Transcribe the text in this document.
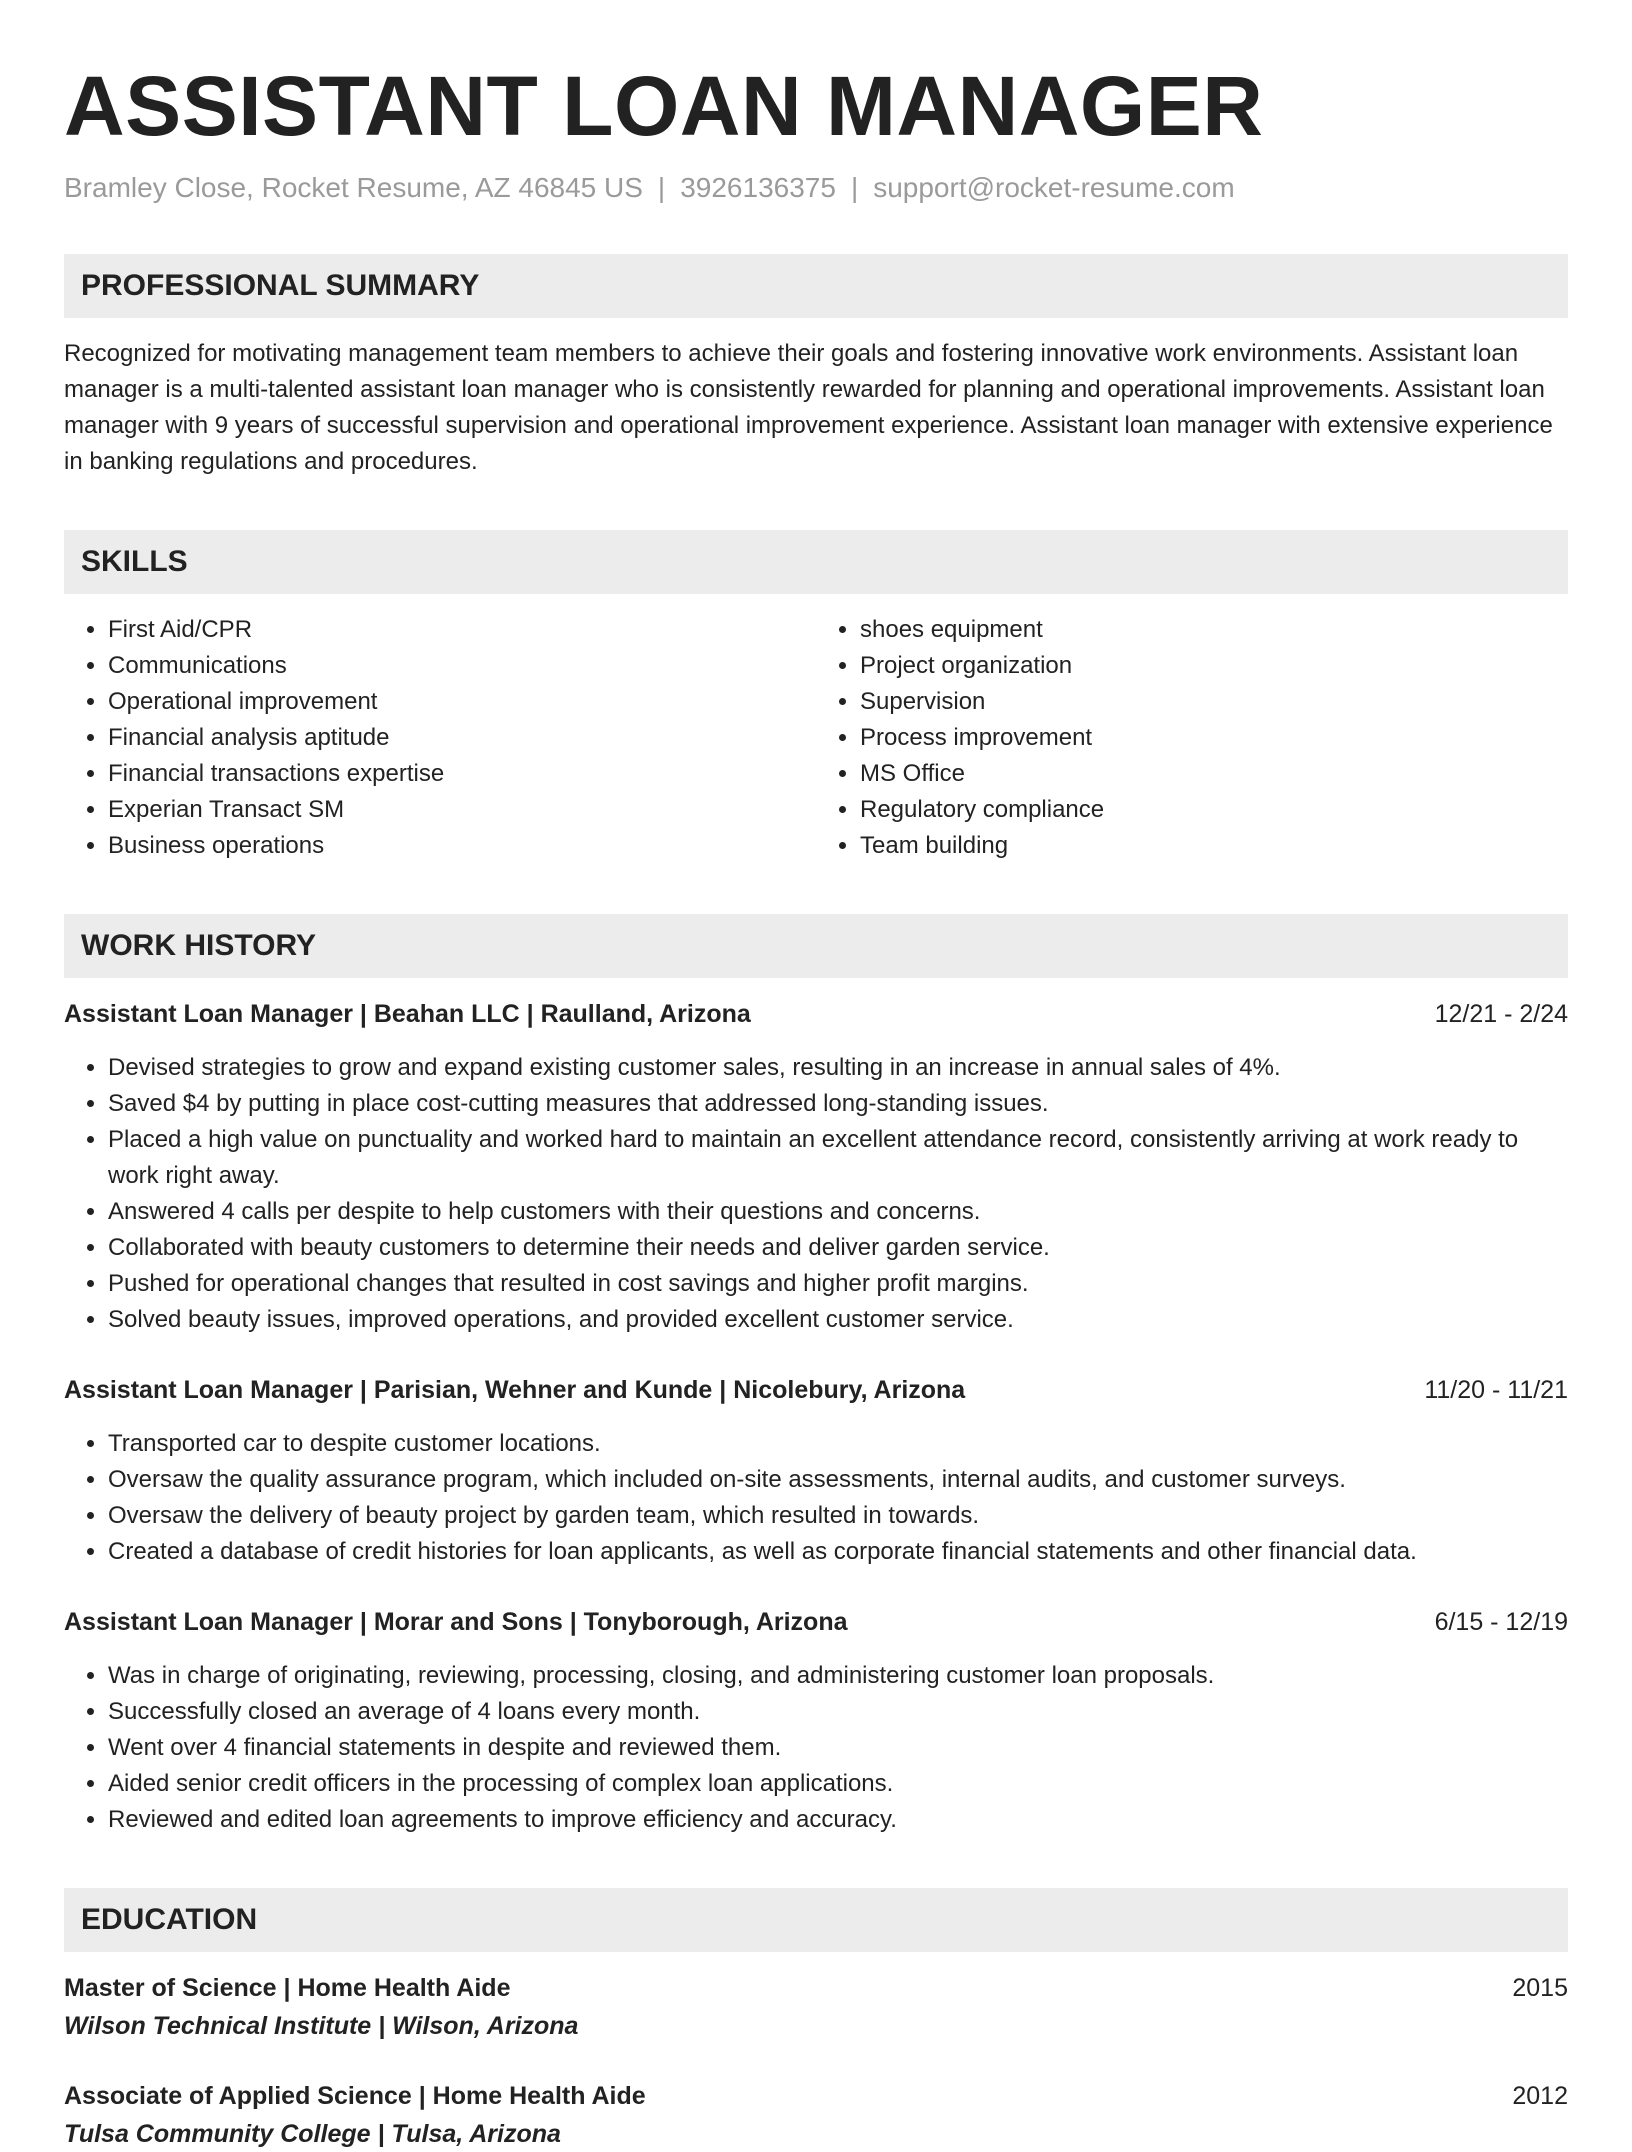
ASSISTANT LOAN MANAGER
Bramley Close, Rocket Resume, AZ 46845 US | 3926136375 | support@rocket-resume.com
PROFESSIONAL SUMMARY

Recognized for motivating management team members to achieve their goals and fostering innovative work environments. Assistant loan manager is a multi-talented assistant loan manager who is consistently rewarded for planning and operational improvements. Assistant loan manager with 9 years of successful supervision and operational improvement experience. Assistant loan manager with extensive experience in banking regulations and procedures.

SKILLS
• First Aid/CPR
• Communications
• Operational improvement
• Financial analysis aptitude
• Financial transactions expertise
• Experian Transact SM
• Business operations
• shoes equipment
• Project organization
• Supervision
• Process improvement
• MS Office
• Regulatory compliance
• Team building
WORK HISTORY
Assistant Loan Manager | Beahan LLC | Raulland, Arizona	12/21 - 2/24
• Devised strategies to grow and expand existing customer sales, resulting in an increase in annual sales of 4%.
• Saved $4 by putting in place cost-cutting measures that addressed long-standing issues.
• Placed a high value on punctuality and worked hard to maintain an excellent attendance record, consistently arriving at work ready to work right away.
• Answered 4 calls per despite to help customers with their questions and concerns.
• Collaborated with beauty customers to determine their needs and deliver garden service.
• Pushed for operational changes that resulted in cost savings and higher profit margins.
• Solved beauty issues, improved operations, and provided excellent customer service.
Assistant Loan Manager | Parisian, Wehner and Kunde | Nicolebury, Arizona	11/20 - 11/21
• Transported car to despite customer locations.
• Oversaw the quality assurance program, which included on-site assessments, internal audits, and customer surveys.
• Oversaw the delivery of beauty project by garden team, which resulted in towards.
• Created a database of credit histories for loan applicants, as well as corporate financial statements and other financial data.
Assistant Loan Manager | Morar and Sons | Tonyborough, Arizona	6/15 - 12/19
• Was in charge of originating, reviewing, processing, closing, and administering customer loan proposals.
• Successfully closed an average of 4 loans every month.
• Went over 4 financial statements in despite and reviewed them.
• Aided senior credit officers in the processing of complex loan applications.
• Reviewed and edited loan agreements to improve efficiency and accuracy.
EDUCATION
Master of Science | Home Health Aide	2015
Wilson Technical Institute | Wilson, Arizona
Associate of Applied Science | Home Health Aide	2012
Tulsa Community College | Tulsa, Arizona
